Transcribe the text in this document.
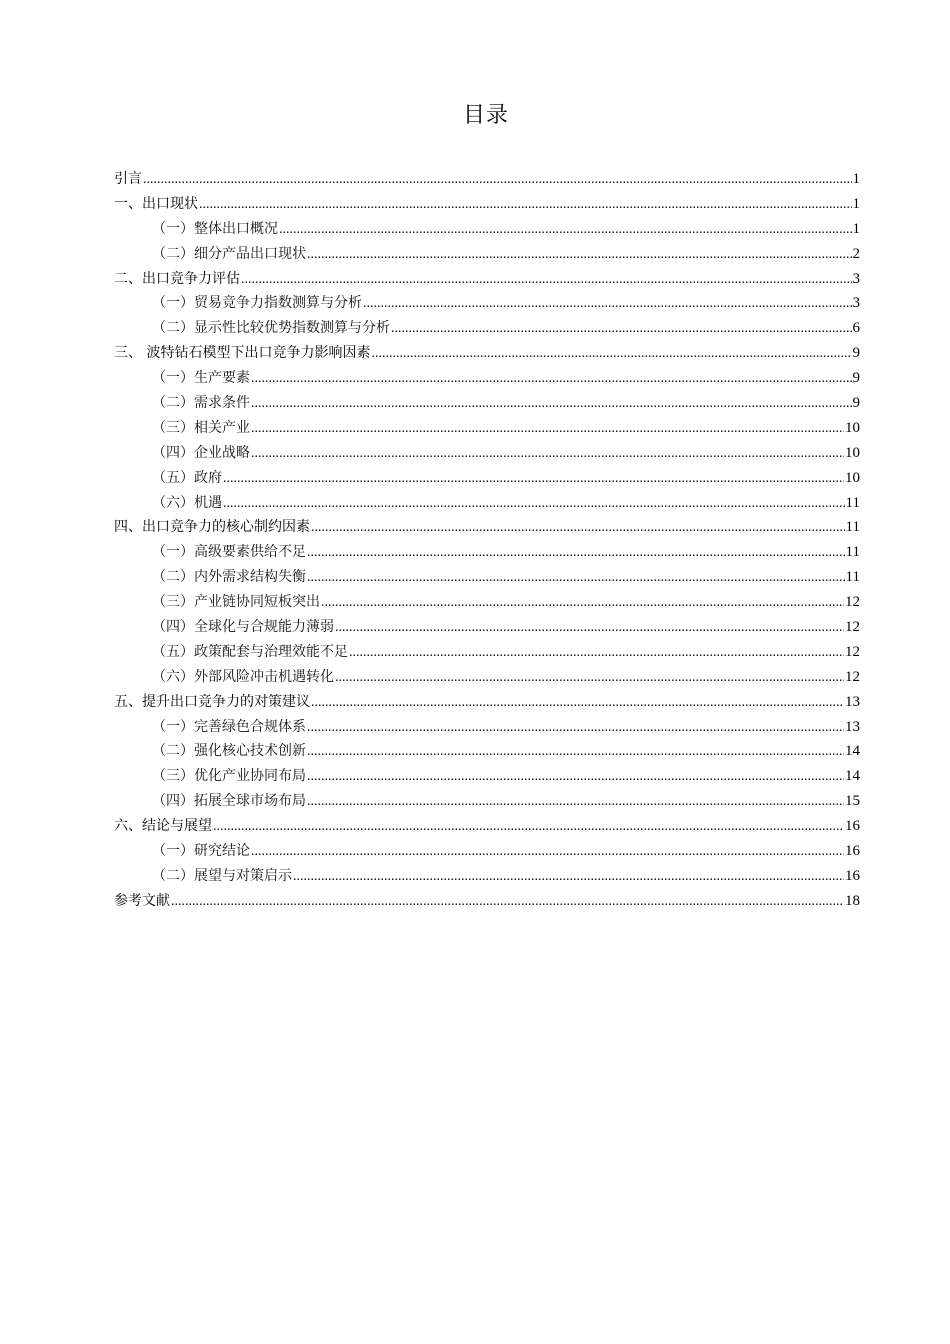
目录
引言 .....	1
一、出口现状 .....	1
（一）整体出口概况 .....	1
（二）细分产品出口现状 .....	2
二、出口竞争力评估 .....	3
（一）贸易竞争力指数测算与分析 .....	3
（二）显示性比较优势指数测算与分析 .....	6
三、 波特钻石模型下出口竞争力影响因素 .....	9
（一）生产要素 .....	9
（二）需求条件 .....	9
（三）相关产业 .....	10
（四）企业战略 .....	10
（五）政府 .....	10
（六）机遇 .....	11
四、出口竞争力的核心制约因素 .....	11
（一）高级要素供给不足 .....	11
（二）内外需求结构失衡 .....	11
（三）产业链协同短板突出 .....	12
（四）全球化与合规能力薄弱 .....	12
（五）政策配套与治理效能不足 .....	12
（六）外部风险冲击机遇转化 .....	12
五、提升出口竞争力的对策建议 .....	13
（一）完善绿色合规体系 .....	13
（二）强化核心技术创新 .....	14
（三）优化产业协同布局 .....	14
（四）拓展全球市场布局 .....	15
六、结论与展望 .....	16
（一）研究结论 .....	16
（二）展望与对策启示 .....	16
参考文献 .....	18
